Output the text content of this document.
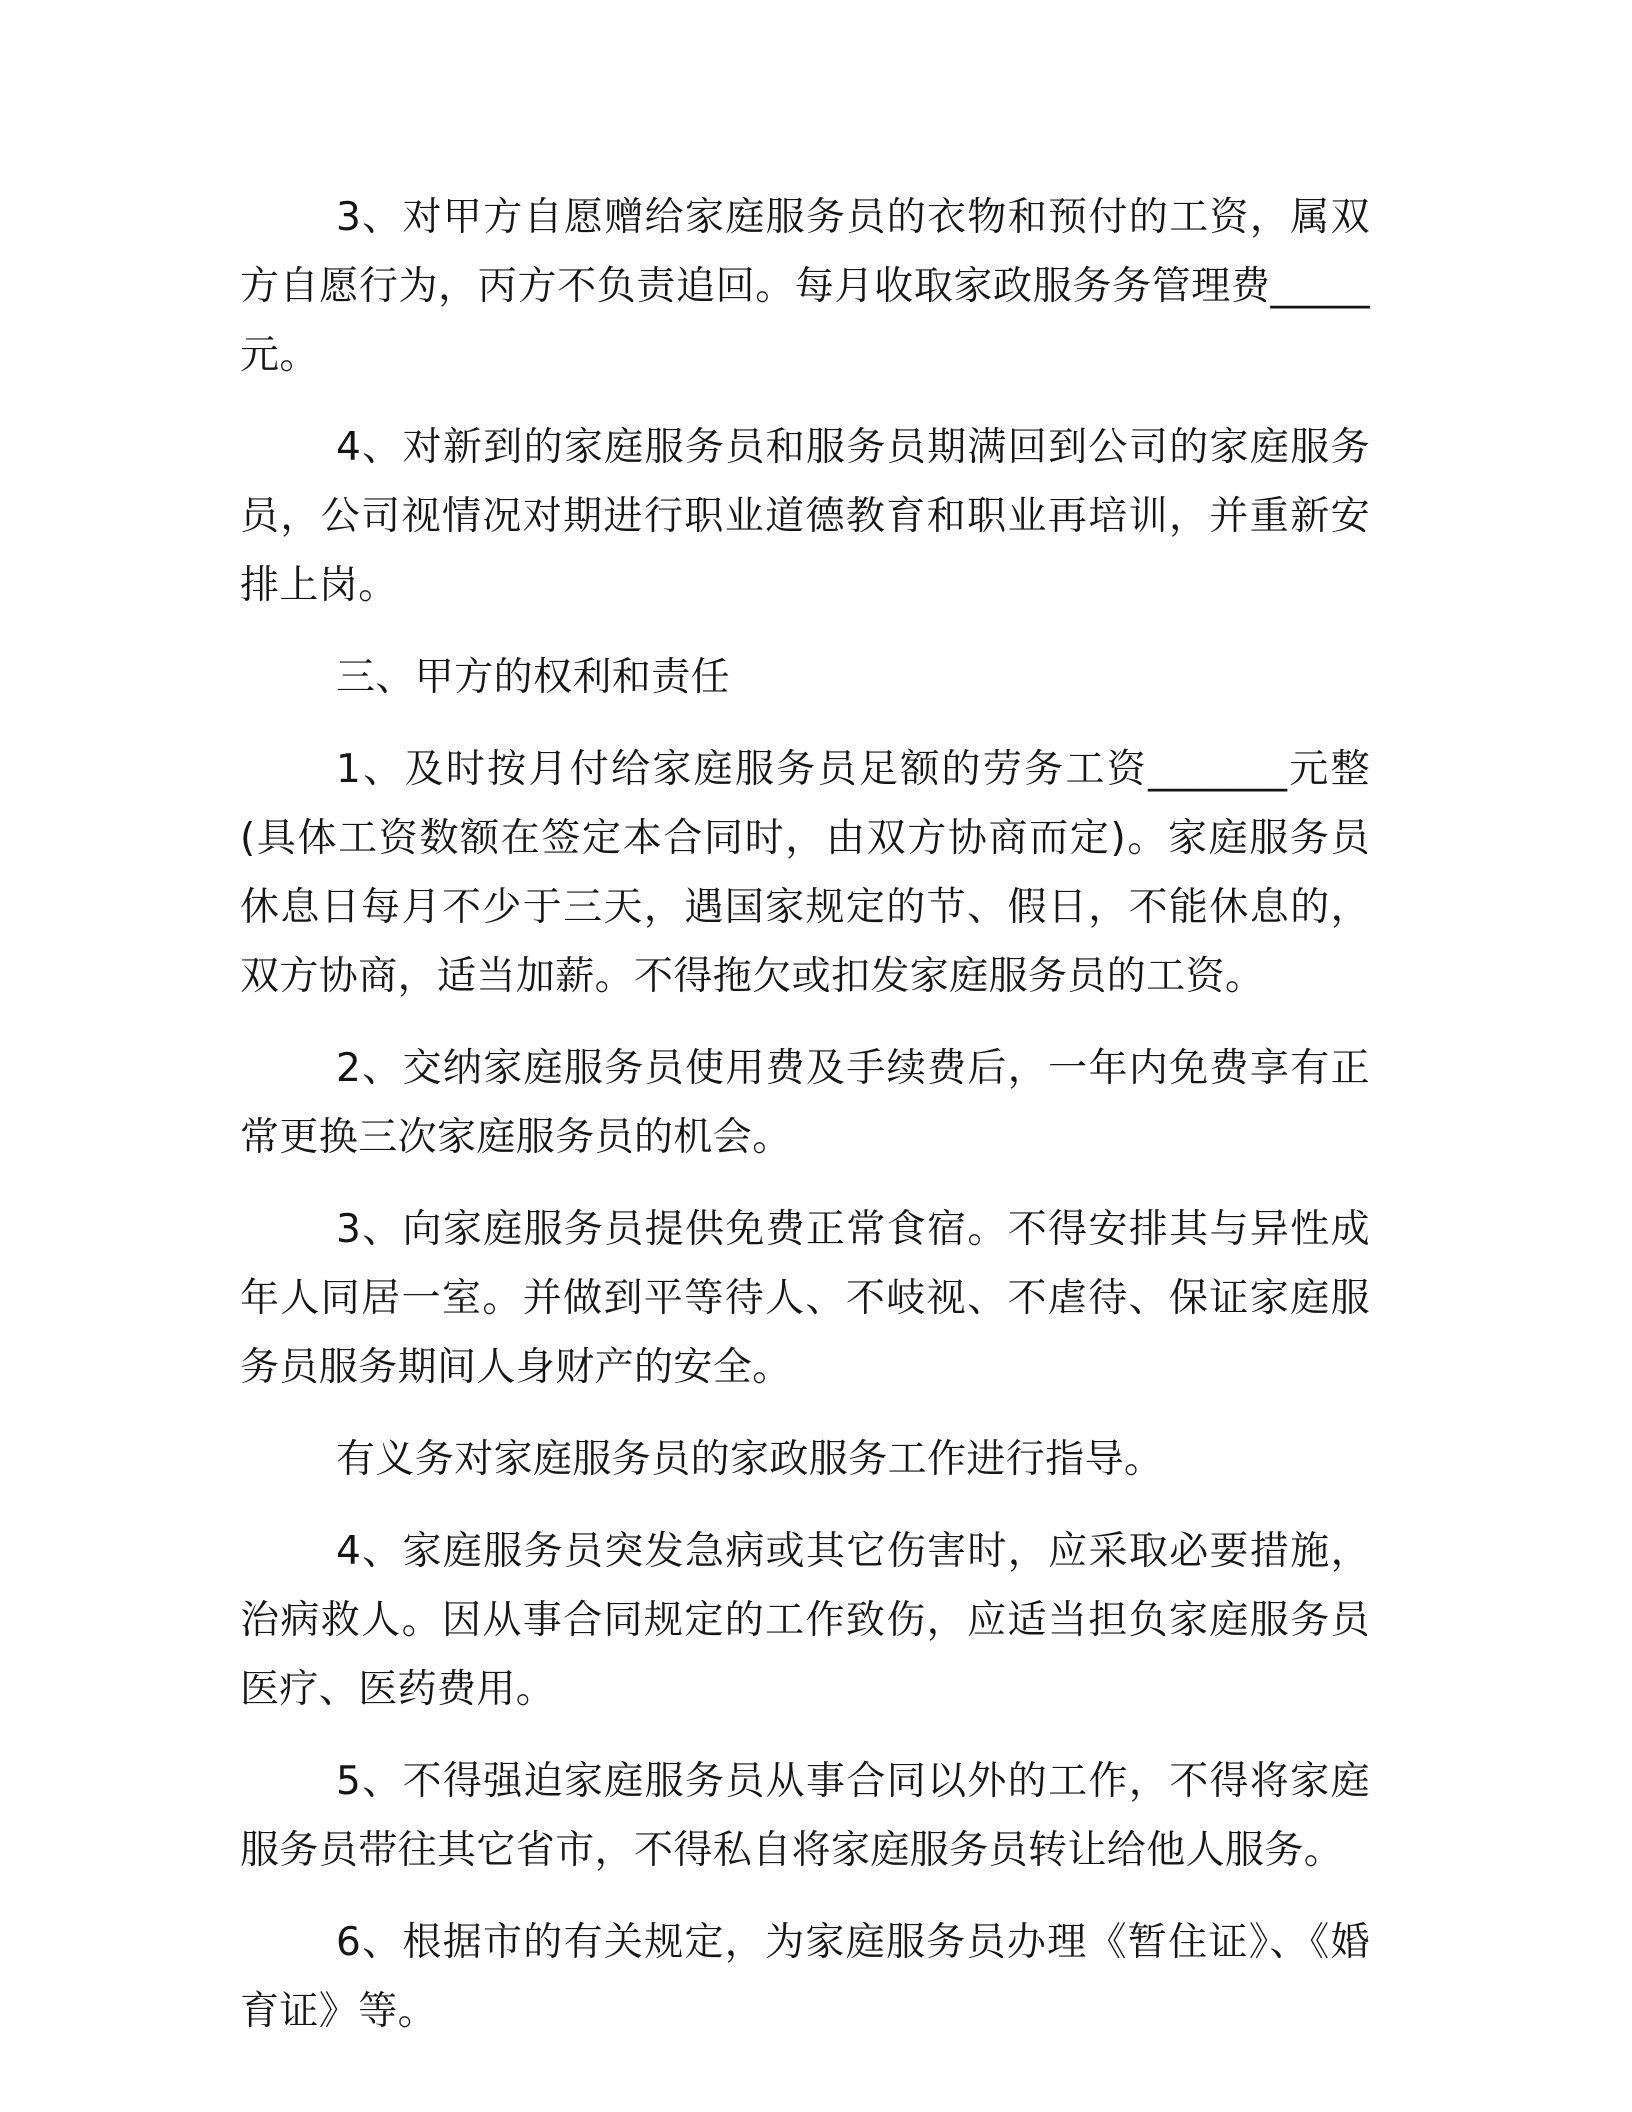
3、对甲方自愿赠给家庭服务员的衣物和预付的工资，属双方自愿行为，丙方不负责追回。每月收取家政服务务管理费_____元。

4、对新到的家庭服务员和服务员期满回到公司的家庭服务员，公司视情况对期进行职业道德教育和职业再培训，并重新安排上岗。

三、甲方的权利和责任

1、及时按月付给家庭服务员足额的劳务工资_______元整(具体工资数额在签定本合同时，由双方协商而定)。家庭服务员休息日每月不少于三天，遇国家规定的节、假日，不能休息的，双方协商，适当加薪。不得拖欠或扣发家庭服务员的工资。

2、交纳家庭服务员使用费及手续费后，一年内免费享有正常更换三次家庭服务员的机会。

3、向家庭服务员提供免费正常食宿。不得安排其与异性成年人同居一室。并做到平等待人、不岐视、不虐待、保证家庭服务员服务期间人身财产的安全。

有义务对家庭服务员的家政服务工作进行指导。

4、家庭服务员突发急病或其它伤害时，应采取必要措施，治病救人。因从事合同规定的工作致伤，应适当担负家庭服务员医疗、医药费用。

5、不得强迫家庭服务员从事合同以外的工作，不得将家庭服务员带往其它省市，不得私自将家庭服务员转让给他人服务。

6、根据市的有关规定，为家庭服务员办理《暂住证》、《婚育证》等。
